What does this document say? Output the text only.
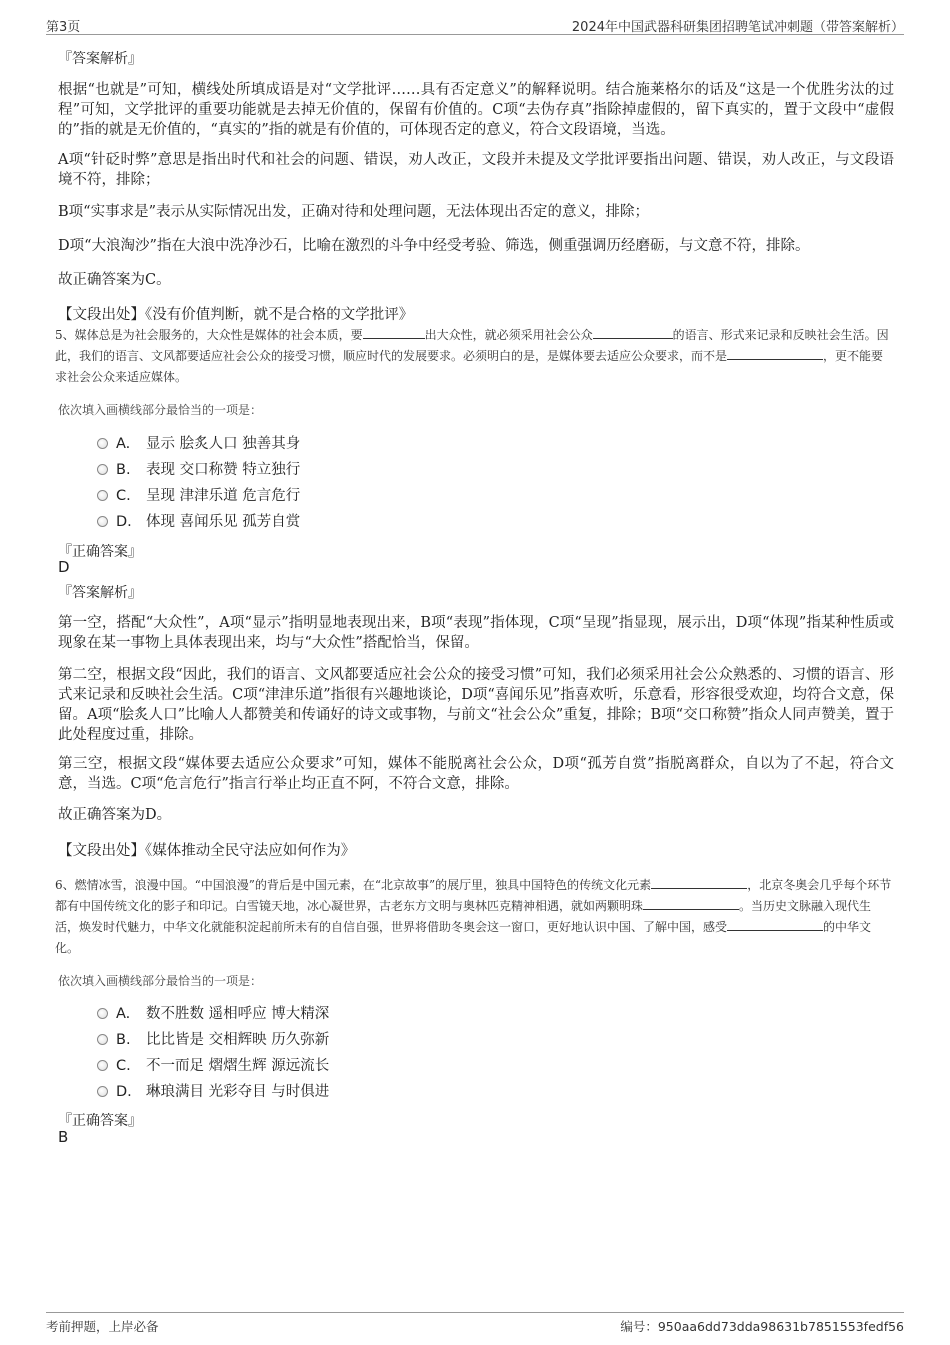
第3页	2024年中国武器科研集团招聘笔试冲刺题（带答案解析）
『答案解析』

根据“也就是”可知，横线处所填成语是对“文学批评……具有否定意义”的解释说明。结合施莱格尔的话及“这是一个优胜劣汰的过程”可知，文学批评的重要功能就是去掉无价值的，保留有价值的。C项“去伪存真”指除掉虚假的，留下真实的，置于文段中“虚假的”指的就是无价值的，“真实的”指的就是有价值的，可体现否定的意义，符合文段语境，当选。

A项“针砭时弊”意思是指出时代和社会的问题、错误，劝人改正，文段并未提及文学批评要指出问题、错误，劝人改正，与文段语境不符，排除；

B项“实事求是”表示从实际情况出发，正确对待和处理问题，无法体现出否定的意义，排除；

D项“大浪淘沙”指在大浪中洗净沙石，比喻在激烈的斗争中经受考验、筛选，侧重强调历经磨砺，与文意不符，排除。

故正确答案为C。

【文段出处】《没有价值判断，就不是合格的文学批评》

5、媒体总是为社会服务的，大众性是媒体的社会本质，要	出大众性，就必须采用社会公众	的语言、形式来记录和反映社会生活。因此，我们的语言、文风都要适应社会公众的接受习惯，顺应时代的发展要求。必须明白的是，是媒体要去适应公众要求，而不是	，更不能要求社会公众来适应媒体。

依次填入画横线部分最恰当的一项是：
A. 显示 脍炙人口 独善其身
B. 表现 交口称赞 特立独行
C. 呈现 津津乐道 危言危行
D. 体现 喜闻乐见 孤芳自赏
『正确答案』
D
『答案解析』

第一空，搭配“大众性”，A项“显示”指明显地表现出来，B项“表现”指体现，C项“呈现”指显现，展示出，D项“体现”指某种性质或现象在某一事物上具体表现出来，均与“大众性”搭配恰当，保留。

第二空，根据文段“因此，我们的语言、文风都要适应社会公众的接受习惯”可知，我们必须采用社会公众熟悉的、习惯的语言、形式来记录和反映社会生活。C项“津津乐道”指很有兴趣地谈论，D项“喜闻乐见”指喜欢听，乐意看，形容很受欢迎，均符合文意，保留。A项“脍炙人口”比喻人人都赞美和传诵好的诗文或事物，与前文“社会公众”重复，排除；B项“交口称赞”指众人同声赞美，置于此处程度过重，排除。

第三空，根据文段“媒体要去适应公众要求”可知，媒体不能脱离社会公众，D项“孤芳自赏”指脱离群众，自以为了不起，符合文意，当选。C项“危言危行”指言行举止均正直不阿，不符合文意，排除。

故正确答案为D。

【文段出处】《媒体推动全民守法应如何作为》

6、燃情冰雪，浪漫中国。“中国浪漫”的背后是中国元素，在“北京故事”的展厅里，独具中国特色的传统文化元素	，北京冬奥会几乎每个环节都有中国传统文化的影子和印记。白雪镜天地，冰心凝世界，古老东方文明与奥林匹克精神相遇，就如两颗明珠	。当历史文脉融入现代生活，焕发时代魅力，中华文化就能积淀起前所未有的自信自强，世界将借助冬奥会这一窗口，更好地认识中国、了解中国，感受	的中华文化。

依次填入画横线部分最恰当的一项是：
A. 数不胜数 遥相呼应 博大精深
B. 比比皆是 交相辉映 历久弥新
C. 不一而足 熠熠生辉 源远流长
D. 琳琅满目 光彩夺目 与时俱进
『正确答案』
B
考前押题，上岸必备	编号：950aa6dd73dda98631b7851553fedf56
